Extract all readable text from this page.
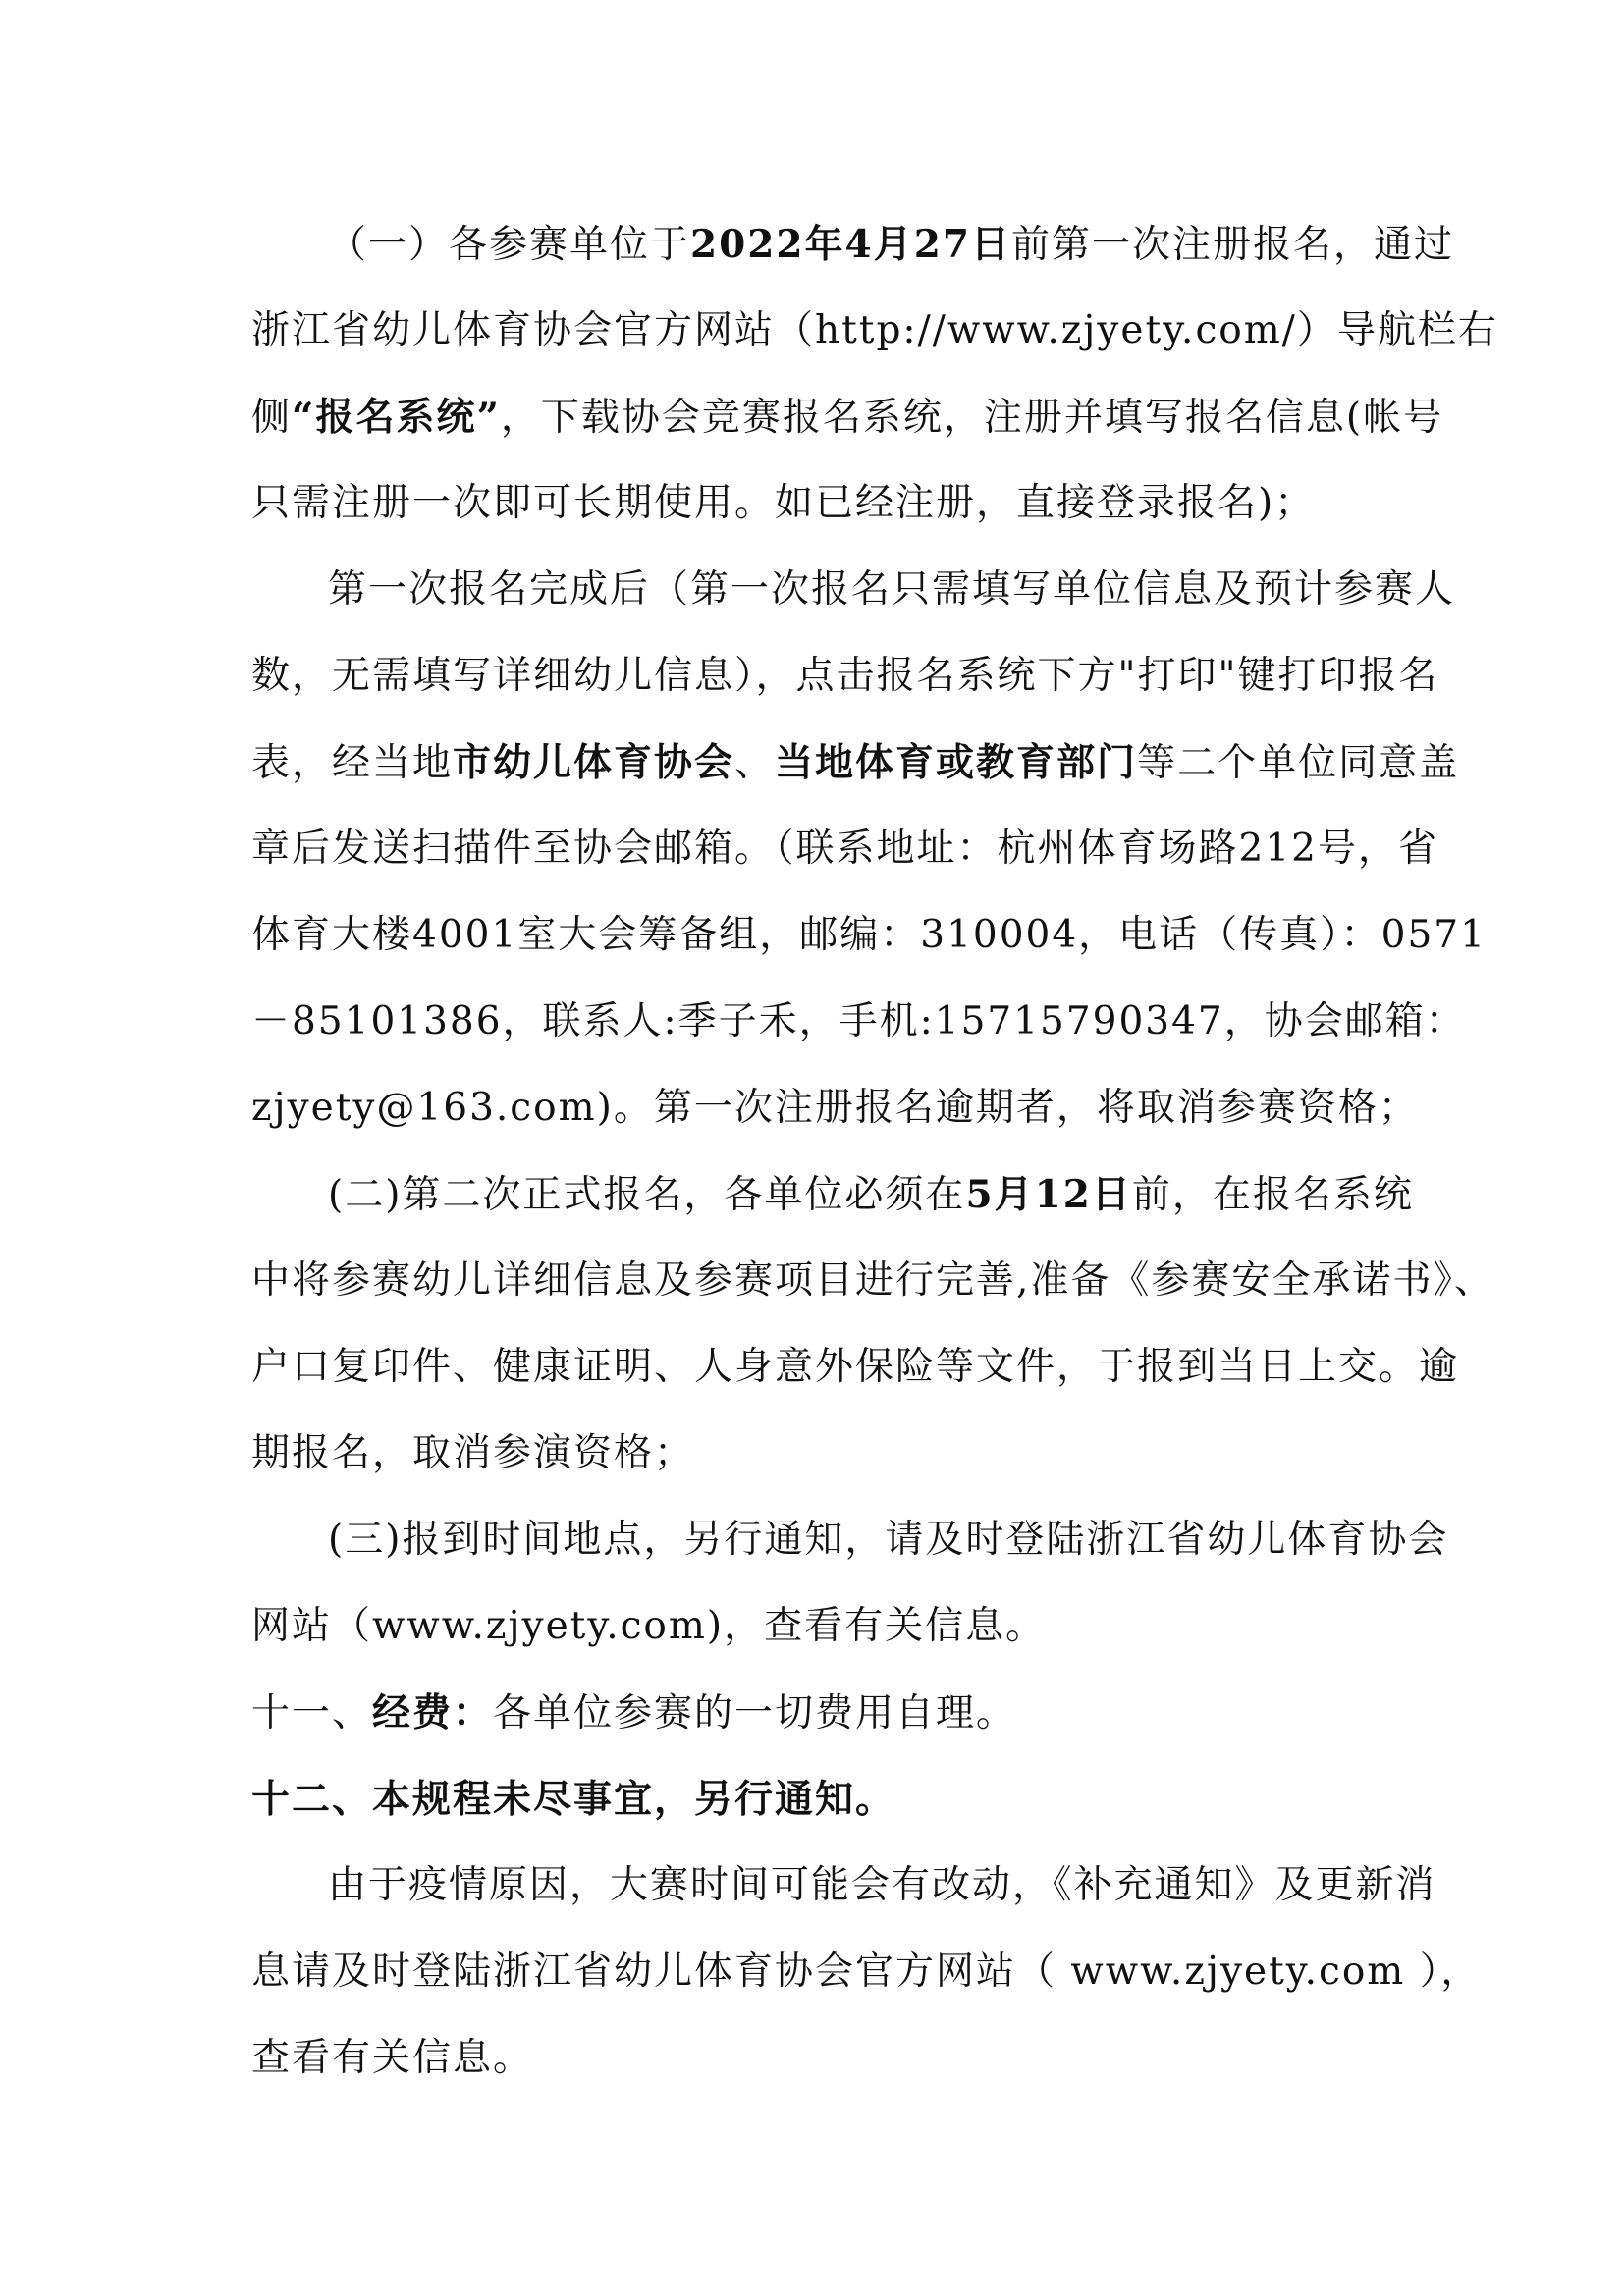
（一）各参赛单位于2022年4月27日前第一次注册报名，通过
浙江省幼儿体育协会官方网站（http://www.zjyety.com/）导航栏右
侧“报名系统”，下载协会竞赛报名系统，注册并填写报名信息(帐号
只需注册一次即可长期使用。如已经注册，直接登录报名)；
第一次报名完成后（第一次报名只需填写单位信息及预计参赛人
数，无需填写详细幼儿信息），点击报名系统下方"打印"键打印报名
表，经当地市幼儿体育协会、当地体育或教育部门等二个单位同意盖
章后发送扫描件至协会邮箱。（联系地址：杭州体育场路212号，省
体育大楼4001室大会筹备组，邮编：310004，电话（传真）：0571
－85101386，联系人:季子禾，手机:15715790347，协会邮箱：
zjyety@163.com)。第一次注册报名逾期者，将取消参赛资格；
(二)第二次正式报名，各单位必须在5月12日前，在报名系统
中将参赛幼儿详细信息及参赛项目进行完善,准备《参赛安全承诺书》、
户口复印件、健康证明、人身意外保险等文件，于报到当日上交。逾
期报名，取消参演资格；
(三)报到时间地点，另行通知，请及时登陆浙江省幼儿体育协会
网站（www.zjyety.com)，查看有关信息。
十一、经费：各单位参赛的一切费用自理。
十二、本规程未尽事宜，另行通知。
由于疫情原因，大赛时间可能会有改动，《补充通知》及更新消
息请及时登陆浙江省幼儿体育协会官方网站（ www.zjyety.com ），
查看有关信息。
